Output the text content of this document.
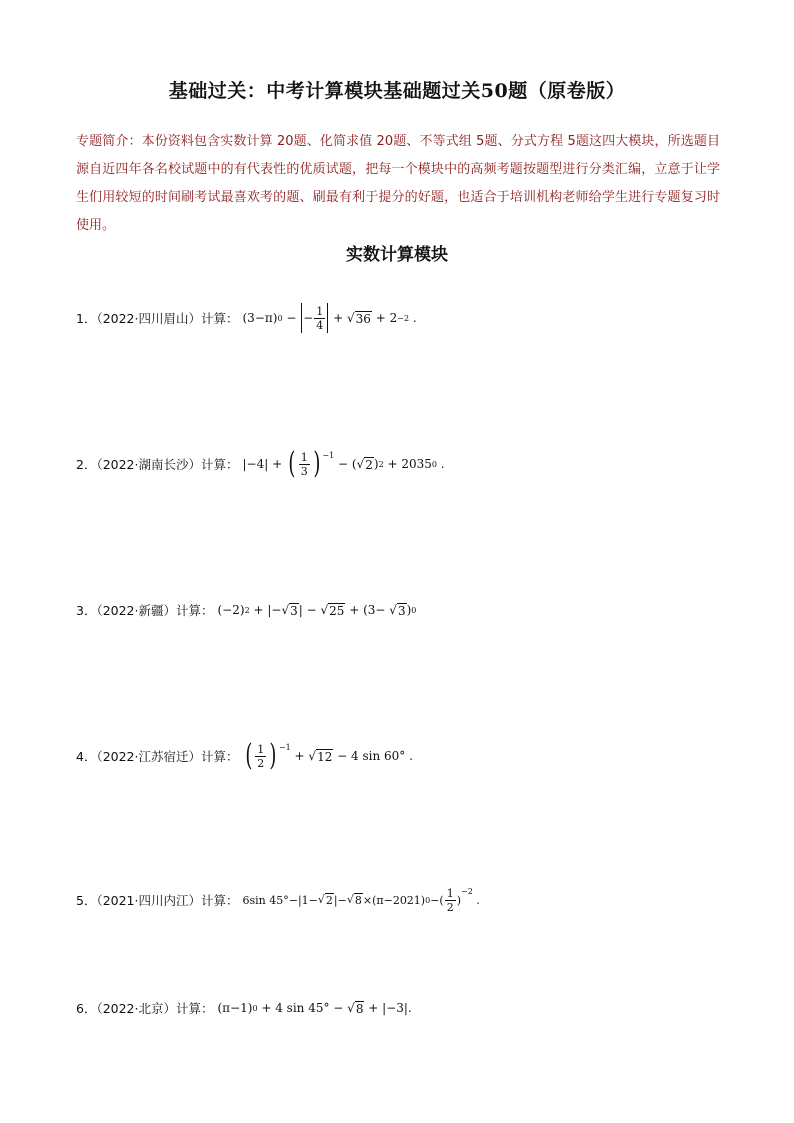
基础过关：中考计算模块基础题过关50题（原卷版）
专题简介：本份资料包含实数计算 20题、化简求值 20题、不等式组 5题、分式方程 5题这四大模块，所选题目源自近四年各名校试题中的有代表性的优质试题，把每一个模块中的高频考题按题型进行分类汇编，立意于让学生们用较短的时间刷考试最喜欢考的题、刷最有利于提分的好题，也适合于培训机构老师给学生进行专题复习时使用。
实数计算模块
1．（2022·四川眉山）计算： (3−π) 0 −
− $\frac{1}{4}$ + √ 36 + 2 −2 .
2．（2022·湖南长沙）计算： |−4| + ( $\frac{1}{3}$ ) $^{-1}$
− ( √ 2 ) 2 + 2035 0 .
3．（2022·新疆）计算： (−2) 2 + |− √ 3 | − √ 25 + (3− √ 3 ) 0
4．（2022·江苏宿迁）计算： ( $\frac{1}{2}$ ) $^{-1}$
+ √ 12 − 4 sin 60° .
5．（2021·四川内江）计算： 6sin 45°−|1− √ 2 |− √ 8 ×(π−2021) 0 −( $\frac{1}{2}$ )
$^{-2}$
.
6．（2022·北京）计算： (π−1) 0 + 4 sin 45° − √ 8 + |−3|.
